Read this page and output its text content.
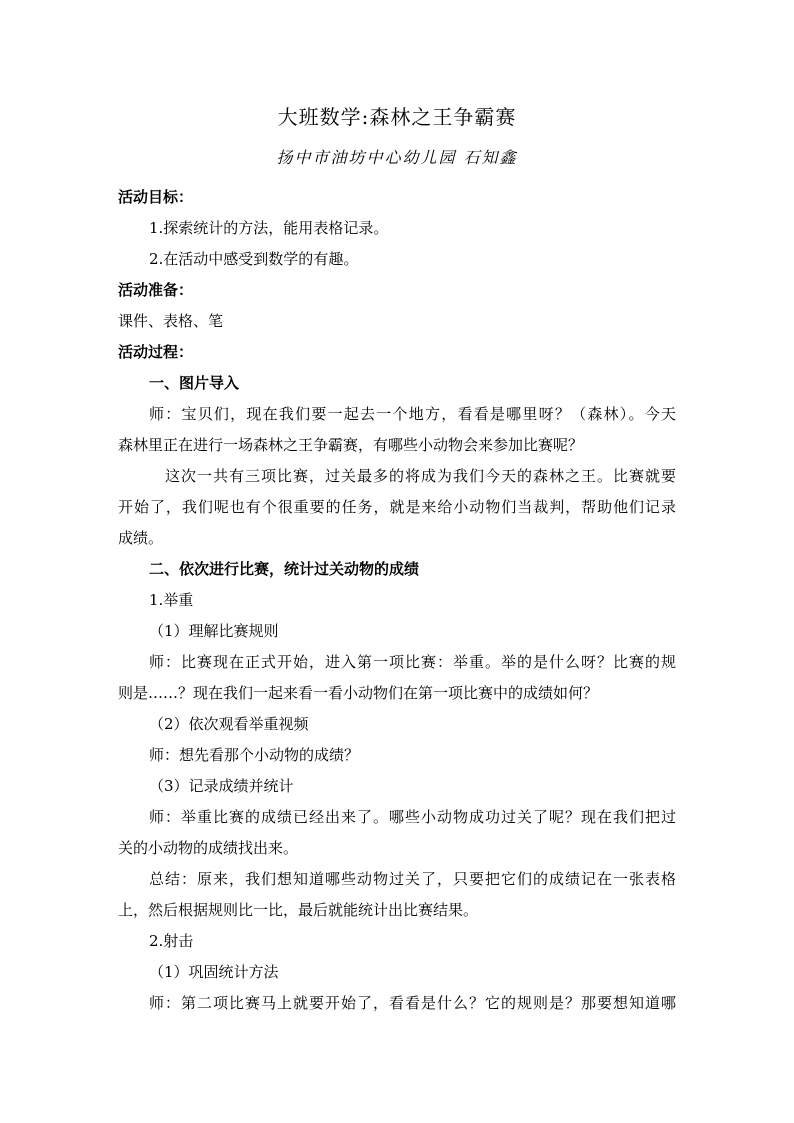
大班数学:森林之王争霸赛
扬中市油坊中心幼儿园 石知鑫
活动目标：
1.探索统计的方法，能用表格记录。
2.在活动中感受到数学的有趣。
活动准备：
课件、表格、笔
活动过程：
一、图片导入
师：宝贝们，现在我们要一起去一个地方，看看是哪里呀？（森林）。今天
森林里正在进行一场森林之王争霸赛，有哪些小动物会来参加比赛呢？
这次一共有三项比赛，过关最多的将成为我们今天的森林之王。比赛就要
开始了，我们呢也有个很重要的任务，就是来给小动物们当裁判，帮助他们记录
成绩。
二、依次进行比赛，统计过关动物的成绩
1.举重
（1）理解比赛规则
师：比赛现在正式开始，进入第一项比赛：举重。举的是什么呀？比赛的规
则是……？现在我们一起来看一看小动物们在第一项比赛中的成绩如何？
（2）依次观看举重视频
师：想先看那个小动物的成绩？
（3）记录成绩并统计
师：举重比赛的成绩已经出来了。哪些小动物成功过关了呢？现在我们把过
关的小动物的成绩找出来。
总结：原来，我们想知道哪些动物过关了，只要把它们的成绩记在一张表格
上，然后根据规则比一比，最后就能统计出比赛结果。
2.射击
（1）巩固统计方法
师：第二项比赛马上就要开始了，看看是什么？它的规则是？那要想知道哪
